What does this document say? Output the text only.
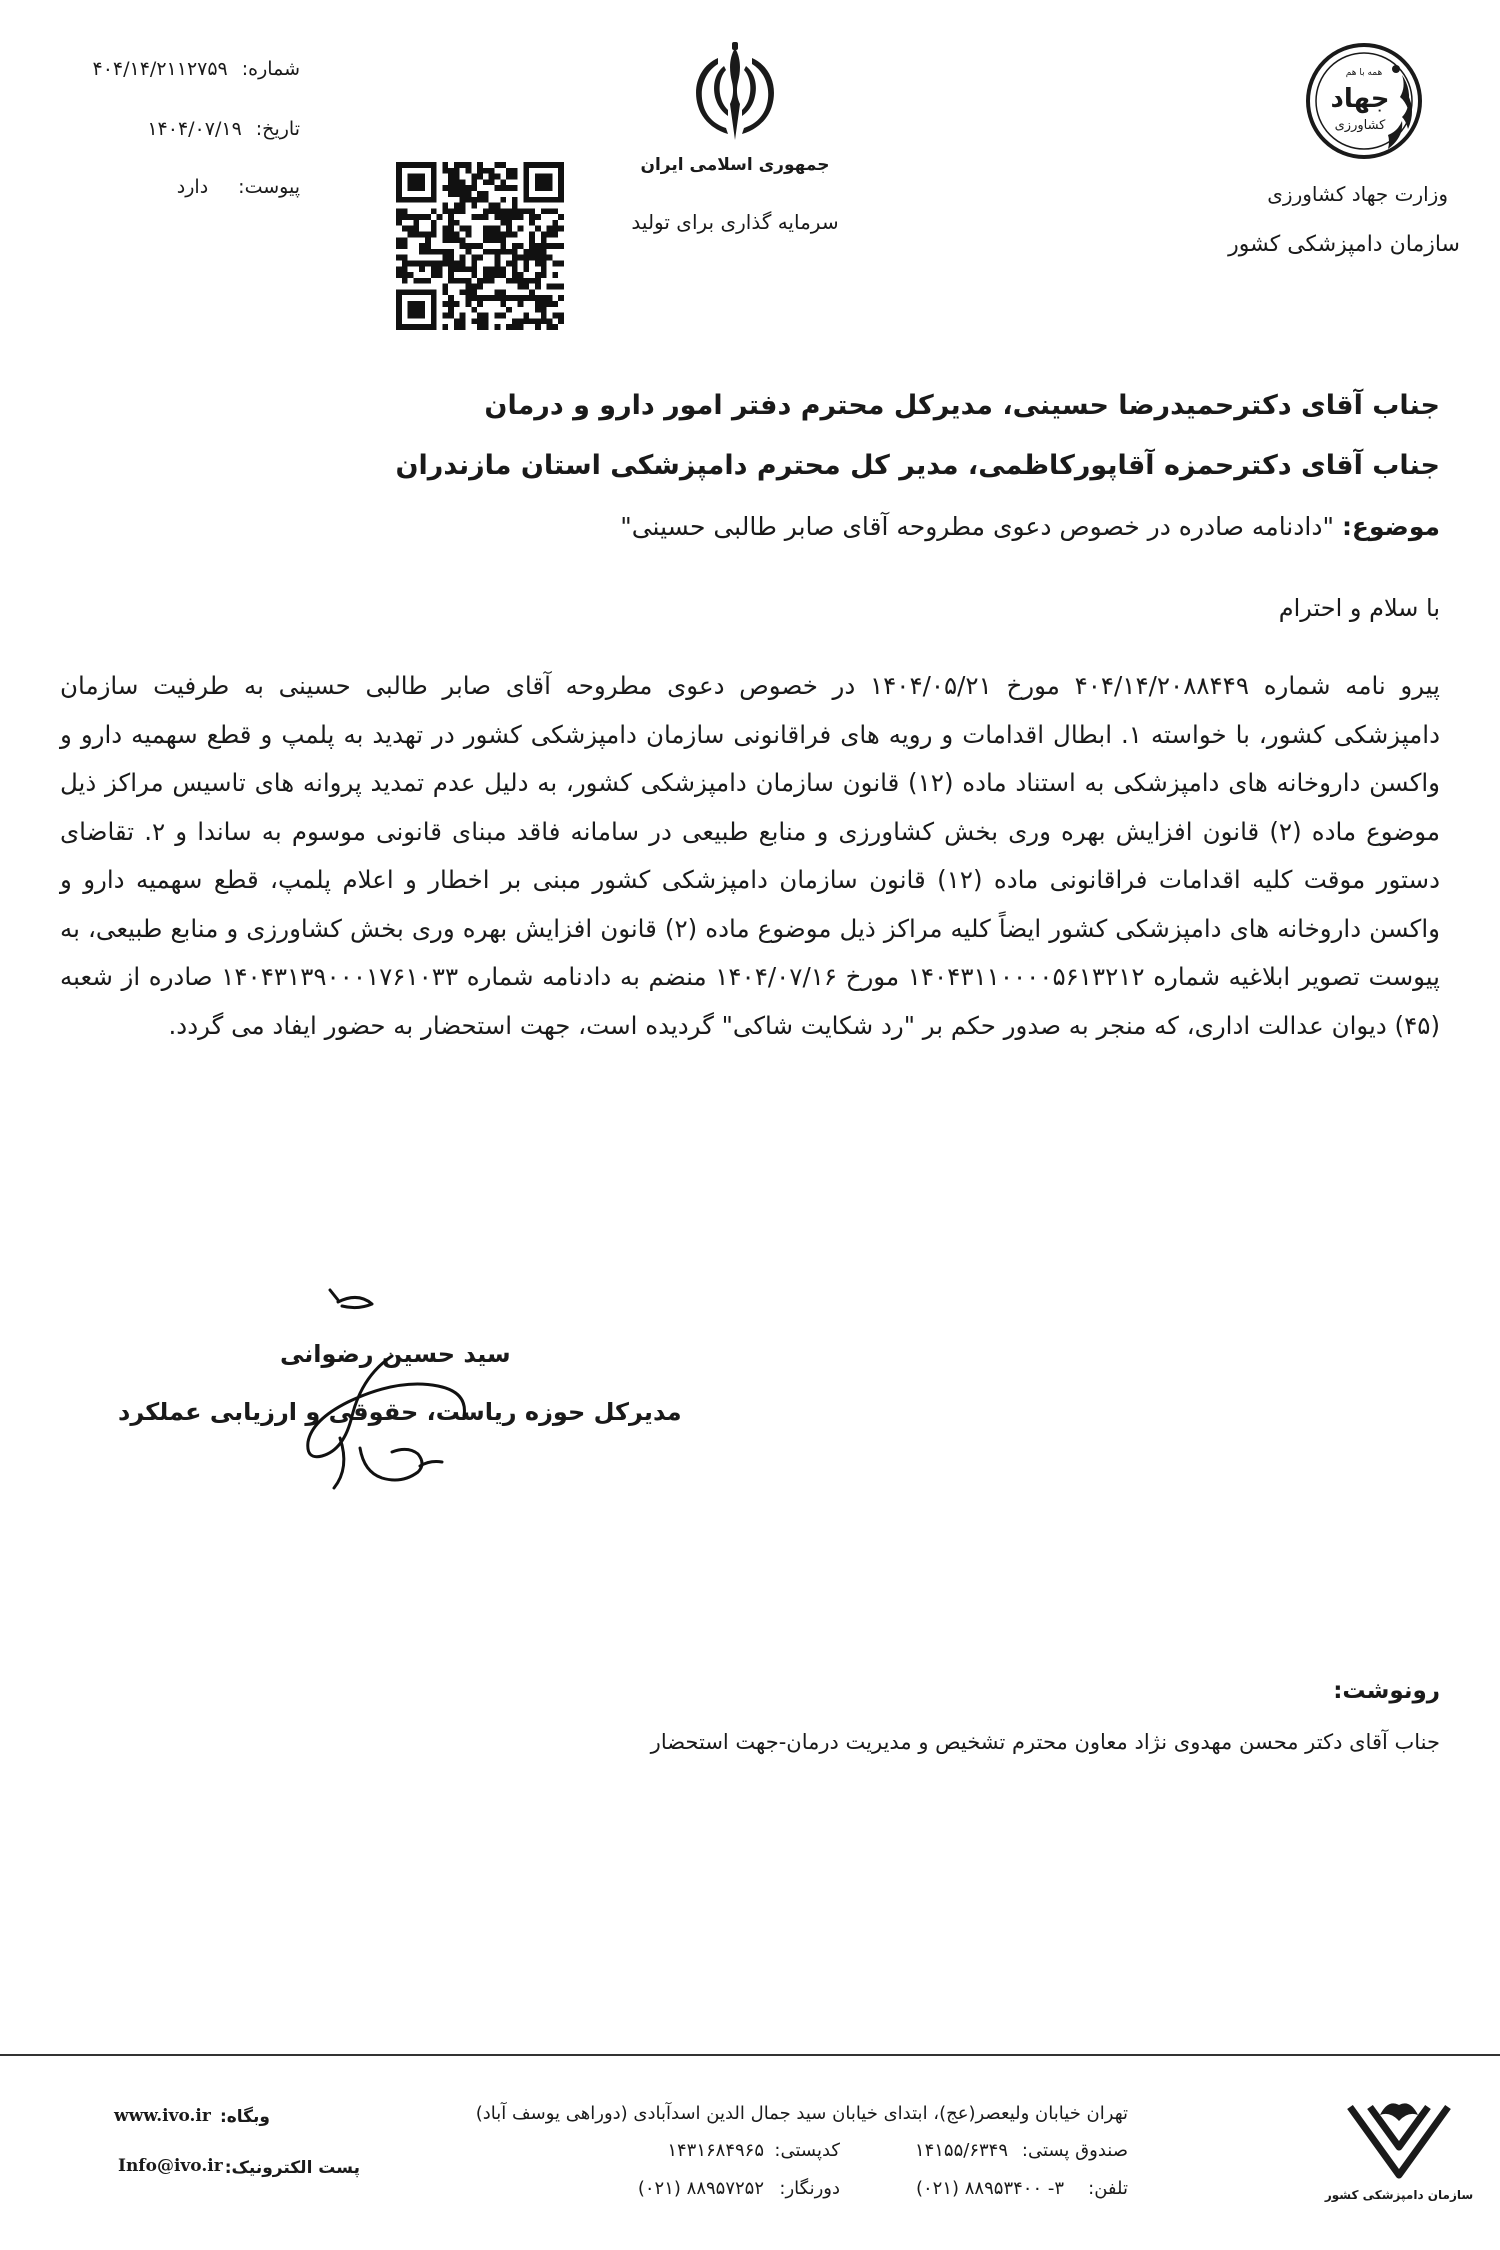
شماره:
۴۰۴/۱۴/۲۱۱۲۷۵۹
تاریخ:
۱۴۰۴/۰۷/۱۹
پیوست:
دارد
جمهوری اسلامی ایران
سرمایه گذاری برای تولید
همه با هم
جهاد
کشاورزی
وزارت جهاد کشاورزی
سازمان دامپزشکی کشور
جناب آقای دکترحمیدرضا حسینی، مدیرکل محترم دفتر امور دارو و درمان
جناب آقای دکترحمزه آقاپورکاظمی، مدیر کل محترم دامپزشکی استان مازندران
موضوع: "دادنامه صادره در خصوص دعوی مطروحه آقای صابر طالبی حسینی"
با سلام و احترام
پیرو نامه شماره ۴۰۴/۱۴/۲۰۸۸۴۴۹ مورخ ۱۴۰۴/۰۵/۲۱ در خصوص دعوی مطروحه آقای صابر طالبی حسینی به طرفیت سازمان دامپزشکی کشور، با خواسته ۱. ابطال اقدامات و رویه های فراقانونی سازمان دامپزشکی کشور در تهدید به پلمپ و قطع سهمیه دارو و واکسن داروخانه های دامپزشکی به استناد ماده (۱۲) قانون سازمان دامپزشکی کشور، به دلیل عدم تمدید پروانه های تاسیس مراکز ذیل موضوع ماده (۲) قانون افزایش بهره وری بخش کشاورزی و منابع طبیعی در سامانه فاقد مبنای قانونی موسوم به ساندا و ۲. تقاضای دستور موقت کلیه اقدامات فراقانونی ماده (۱۲) قانون سازمان دامپزشکی کشور مبنی بر اخطار و اعلام پلمپ، قطع سهمیه دارو و واکسن داروخانه های دامپزشکی کشور ایضاً کلیه مراکز ذیل موضوع ماده (۲) قانون افزایش بهره وری بخش کشاورزی و منابع طبیعی، به پیوست تصویر ابلاغیه شماره ۱۴۰۴۳۱۱۰۰۰۰۵۶۱۳۲۱۲ مورخ ۱۴۰۴/۰۷/۱۶ منضم به دادنامه شماره ۱۴۰۴۳۱۳۹۰۰۰۱۷۶۱۰۳۳ صادره از شعبه (۴۵) دیوان عدالت اداری، که منجر به صدور حکم بر "رد شکایت شاکی" گردیده است، جهت استحضار به حضور ایفاد می گردد.
سید حسین رضوانی
مدیرکل حوزه ریاست، حقوقی و ارزیابی عملکرد
رونوشت:
جناب آقای دکتر محسن مهدوی نژاد معاون محترم تشخیص و مدیریت درمان-جهت استحضار
سازمان دامپزشکی کشور
تهران خیابان ولیعصر(عج)، ابتدای خیابان سید جمال الدین اسدآبادی (دوراهی یوسف آباد)
صندوق پستی:
۱۴۱۵۵/۶۳۴۹
کدپستی:
۱۴۳۱۶۸۴۹۶۵
تلفن:
۳- ۸۸۹۵۳۴۰۰ (۰۲۱)
دورنگار:
۸۸۹۵۷۲۵۲ (۰۲۱)
وبگاه:
www.ivo.ir
پست الکترونیک:
Info@ivo.ir
